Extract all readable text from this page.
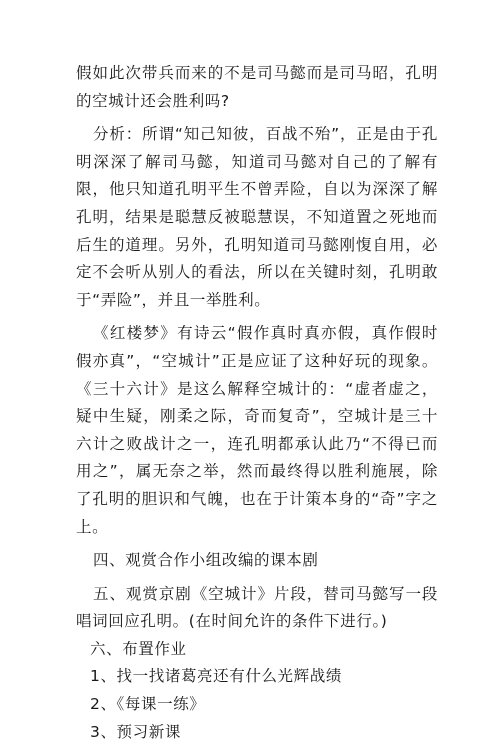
假如此次带兵而来的不是司马懿而是司马昭，孔明的空城计还会胜利吗?

分析：所谓“知己知彼，百战不殆”，正是由于孔明深深了解司马懿，知道司马懿对自己的了解有限，他只知道孔明平生不曾弄险，自以为深深了解孔明，结果是聪慧反被聪慧误，不知道置之死地而后生的道理。另外，孔明知道司马懿刚愎自用，必定不会听从别人的看法，所以在关键时刻，孔明敢于“弄险”，并且一举胜利。

《红楼梦》有诗云“假作真时真亦假，真作假时假亦真”，“空城计”正是应证了这种好玩的现象。《三十六计》是这么解释空城计的：“虚者虚之，疑中生疑，刚柔之际，奇而复奇”，空城计是三十六计之败战计之一，连孔明都承认此乃“不得已而用之”，属无奈之举，然而最终得以胜利施展，除了孔明的胆识和气魄，也在于计策本身的“奇”字之上。

四、观赏合作小组改编的课本剧

五、观赏京剧《空城计》片段，替司马懿写一段唱词回应孔明。(在时间允许的条件下进行。)

六、布置作业

1、找一找诸葛亮还有什么光辉战绩

2、《每课一练》

3、预习新课
